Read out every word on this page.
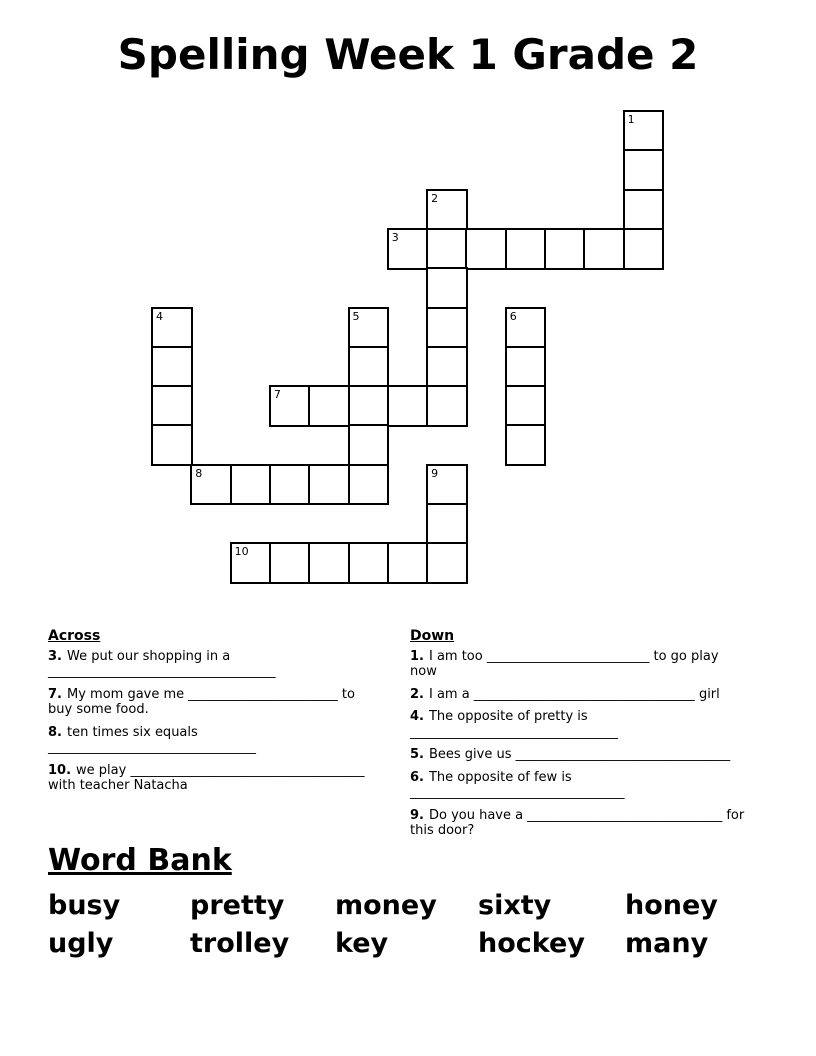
Spelling Week 1 Grade 2
1
2
3
4	5	6
7
8	9
10
Across
3. We put our shopping in a
___________________________________
7. My mom gave me _______________________ to
buy some food.
8. ten times six equals
________________________________
10. we play ____________________________________
with teacher Natacha
Down
1. I am too _________________________ to go play
now
2. I am a __________________________________ girl
4. The opposite of pretty is
________________________________
5. Bees give us _________________________________
6. The opposite of few is
_________________________________
9. Do you have a ______________________________ for
this door?
Word Bank
busy	pretty	money	sixty	honey
ugly	trolley	key	hockey	many
